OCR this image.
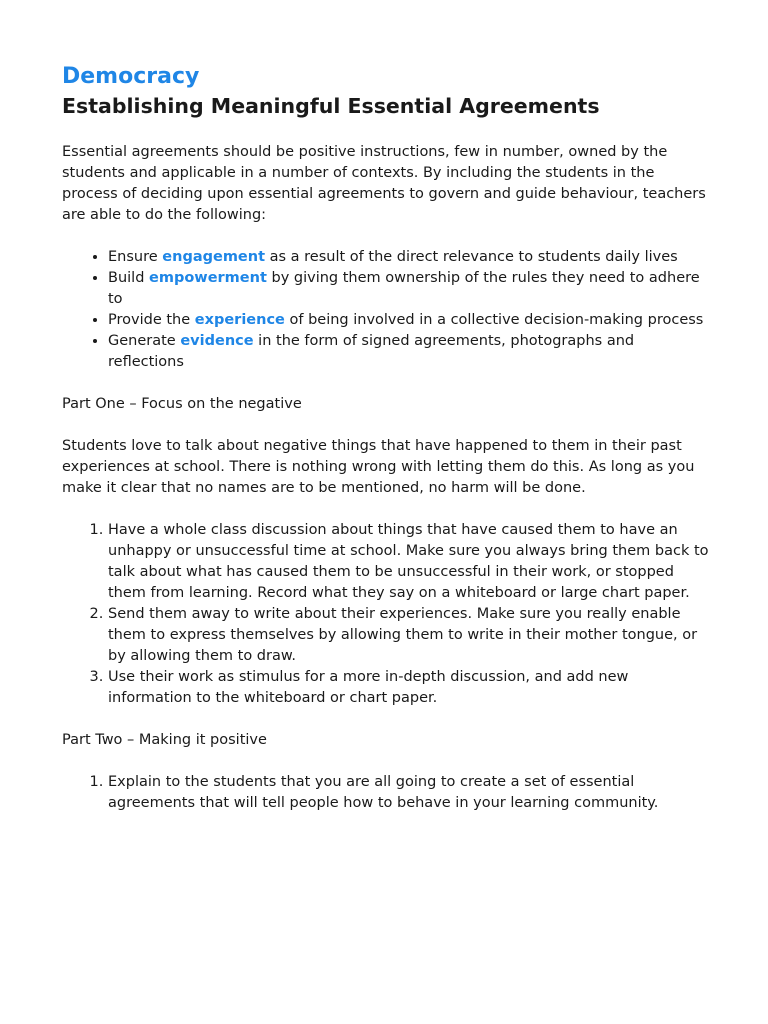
Democracy
Establishing Meaningful Essential Agreements

Essential agreements should be positive instructions, few in number, owned by the students and applicable in a number of contexts. By including the students in the process of deciding upon essential agreements to govern and guide behaviour, teachers are able to do the following:

• Ensure engagement as a result of the direct relevance to students daily lives
• Build empowerment by giving them ownership of the rules they need to adhere to
• Provide the experience of being involved in a collective decision-making process
• Generate evidence in the form of signed agreements, photographs and reflections

Part One – Focus on the negative

Students love to talk about negative things that have happened to them in their past experiences at school. There is nothing wrong with letting them do this. As long as you make it clear that no names are to be mentioned, no harm will be done.

1. Have a whole class discussion about things that have caused them to have an unhappy or unsuccessful time at school. Make sure you always bring them back to talk about what has caused them to be unsuccessful in their work, or stopped them from learning. Record what they say on a whiteboard or large chart paper.
2. Send them away to write about their experiences. Make sure you really enable them to express themselves by allowing them to write in their mother tongue, or by allowing them to draw.
3. Use their work as stimulus for a more in-depth discussion, and add new information to the whiteboard or chart paper.

Part Two – Making it positive

1. Explain to the students that you are all going to create a set of essential agreements that will tell people how to behave in your learning community.
